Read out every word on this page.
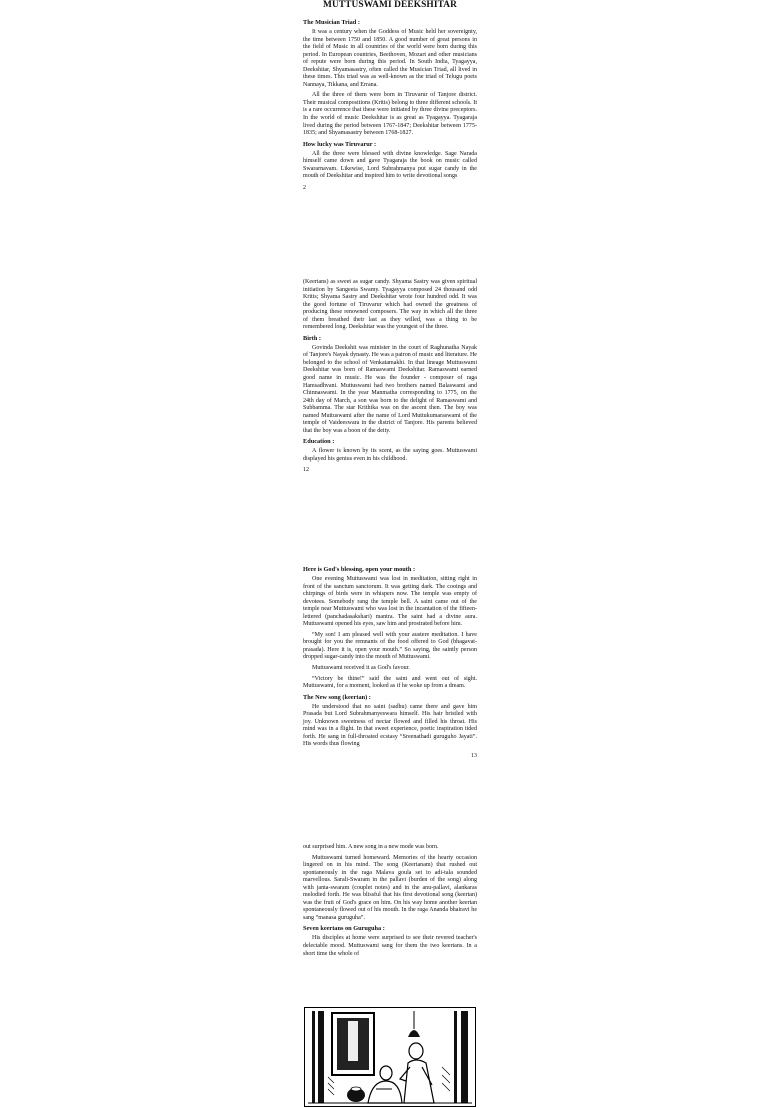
MUTTUSWAMI DEEKSHITAR

The Musician Triad :

It was a century when the Goddess of Music held her sovereignty, the time between 1750 and 1850. A good number of great persons in the field of Music in all countries of the world were born during this period. In European countries, Beethoven, Mozart and other musicians of repute were born during this period. In South India, Tyagayya, Deekshitar, Shyamasastry, often called the Musician Triad, all lived in these times. This triad was as well-known as the triad of Telugu poets Nannaya, Tikkana, and Errana.

All the three of them were born in Tiruvarur of Tanjore district. Their musical compositions (Kritis) belong to three different schools. It is a rare occurrence that these were initiated by three divine preceptors. In the world of music Deekshitar is as great as Tyagayya. Tyagaraja lived during the period between 1767-1847; Deekshitar between 1775-1835; and Shyamasastry between 1768-1827.

How lucky was Tiruvarur :

All the three were blessed with divine knowledge. Sage Narada himself came down and gave Tyagaraja the book on music called Swararnavam. Likewise, Lord Subrahmanya put sugar candy in the mouth of Deekshitar and inspired him to write devotional songs

2

(Keertans) as sweet as sugar candy. Shyama Sastry was given spiritual initiation by Sangeeta Swamy. Tyagayya composed 24 thousand odd Kritis; Shyama Sastry and Deekshitar wrote four hundred odd. It was the good fortune of Tiruvarur which had owned the greatness of producing these renowned composers. The way in which all the three of them breathed their last as they willed, was a thing to be remembered long. Deekshitar was the youngest of the three.

Birth :

Govinda Deekshit was minister in the court of Raghunatha Nayak of Tanjore's Nayak dynasty. He was a patron of music and literature. He belonged to the school of Venkatamakhi. In that lineage Muttuswami Deekshitar was born of Ramaswami Deekshitar. Ramaswami earned good name in music. He was the founder - composer of raga Hamsadhvani. Muttuswami had two brothers named Balaswami and Chinnaswami. In the year Manmatha corresponding to 1775, on the 24th day of March, a son was born to the delight of Ramaswami and Subbamma. The star Krithika was on the ascent then. The boy was named Muttuswami after the name of Lord Muttukumaraswami of the temple of Vaideeswara in the district of Tanjore. His parents believed that the boy was a boon of the deity.

Education :

A flower is known by its scent, as the saying goes. Muttuswami displayed his genius even in his childhood.

12

Here is God's blessing, open your mouth :

One evening Muttuswami was lost in meditation, sitting right in front of the sanctum sanctorum. It was getting dark. The cooings and chirpings of birds were in whispers now. The temple was empty of devotees. Somebody rang the temple bell. A saint came out of the temple near Muttuswami who was lost in the incantation of the fifteen-lettered (panchadasakshari) mantra. The saint had a divine aura. Muttuswami opened his eyes, saw him and prostrated before him.

“My son! I am pleased well with your austere meditation. I have brought for you the remnants of the food offered to God (bhagavat-prasada). Here it is, open your mouth.” So saying, the saintly person dropped sugar-candy into the mouth of Muttuswami.

Muttuswami received it as God's favour.

“Victory be thine!” said the saint and went out of sight. Muttuswami, for a moment, looked as if he woke up from a dream.

The New song (keertan) :

He understood that no saint (sadhu) came there and gave him Prasada but Lord Subrahmanyeswara himself. His hair bristled with joy. Unknown sweetness of nectar flowed and filled his throat. His mind was in a flight. In that sweet experience, poetic inspiration tided forth. He sang in full-throated ecstasy “Sreenathadi guruguho Jayati”. His words thus flowing

13

out surprised him. A new song in a new mode was born.

Muttuswami turned homeward. Memories of the hearty occasion lingered on in his mind. The song (Keertanam) that rushed out spontaneously in the raga Malava goula set to adi-tala sounded marvellous. Sarali-Swaram in the pallavi (burden of the song) along with janta-swaram (couplet notes) and in the anu-pallavi, alankaras melodied forth. He was blissful that his first devotional song (keertan) was the fruit of God's grace on him. On his way home another keertan spontaneously flowed out of his mouth. In the raga Ananda bhairavi he sang “manasa guruguha”.

Seven keertans on Guruguha :

His disciples at home were surprised to see their revered teacher's delectable mood. Muttuswami sang for them the two keertans. In a short time the whole of
